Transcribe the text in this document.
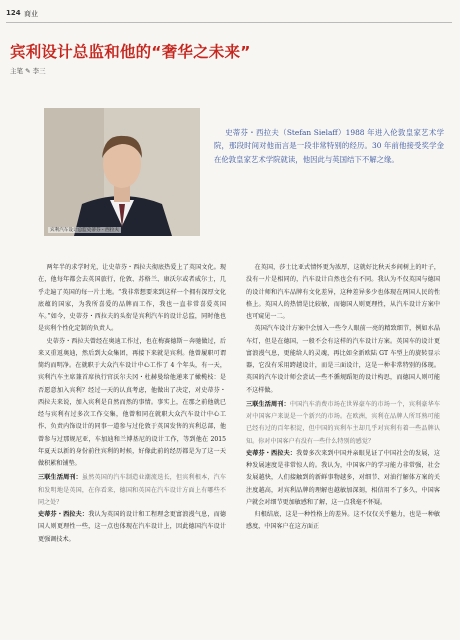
124 商业
宾利设计总监和他的“奢华之未来”
主笔 ✎ 李三
宾利汽车设计总监史蒂芬・西拉夫
史蒂芬・西拉夫（Stefan Sielaff）1988 年进入伦敦皇家艺术学院，那段时间对他而言是一段非常特别的经历。30 年前他接受奖学金在伦敦皇家艺术学院就读，他因此与英国结下不解之缘。

两年半的求学时光，让史蒂芬・西拉夫彻底热爱上了英国文化。现在，他每年都会去英国旅行，伦敦、苏格兰、康沃尔或者威尔士，几乎走遍了英国的每一片土地。“我非常想要来到这样一个拥有深厚文化底蕴的国家，为我所喜爱的品牌而工作，我也一直非常喜爱英国车。”如今，史蒂芬・西拉夫的头衔是宾利汽车的设计总监，同时他也是宾利个性化定制的负责人。

史蒂芬・西拉夫曾经在奥迪工作过，也在梅赛德斯－奔驰做过，后来又重返奥迪，然后到大众集团，再接下来就是宾利。他曾履职可谓简约而明净。在就职于大众汽车设计中心工作了 4 个年头，有一天，宾利汽车主席兼首席执行官沃尔夫冈・杜赫曼给他递来了橄榄枝：是否愿意加入宾利？经过一天的认真考虑，他做出了决定，对史蒂芬・西拉夫来说，加入宾利是自然而然的事情。事实上，在那之前他就已经与宾利有过多次工作交集，他曾和同在就职大众汽车设计中心工作、负责内饰设计的同事一道参与过伦敦于英国发售的宾利总部，他曾参与过那规尼亚，车加迪和兰博基尼的设计工作，等到他在 2015 年夏天以新的身份前往宾利的时候，好像此前的经历都是为了这一天做积累和铺垫。

三联生活周刊：虽然英国的汽车制造业潮流迭长，但宾利根本，汽车和发明地是英国，在你看来，德国和英国在汽车设计方面上有哪些不同之处？

史蒂芬・西拉夫：我认为英国的设计和工程理念更富浪漫气息，而德国人则更理性一些，这一点也体现在汽车设计上，因此德国汽车设计更强调技术。

在英国，莎士比亚式情怀更为浓厚，这就好比秋天乡间树上的叶子，没有一片是相同的，汽车设计自然也会有不同。我认为不仅英国与德国的设计师和汽车品牌有文化差异，这种差异多少也体现在两国人民的性格上。英国人的热情是比较敏，而德国人则更理性，从汽车设计方案中也可窥见一二。

英国汽车设计方案中会加入一些令人眼前一亮的精致细节，例如水晶车灯，但是在德国，一般不会有这样的汽车设计方案。英国车的设计更富浪漫气息，更能给人的灵魂，再比如全新欧陆 GT 车型上的旋转显示器，它没有采用跨越设计，而是三面设计，这是一种非常特别的体现。英国的汽车设计师会尝试一些不循规蹈矩的设计构思，而德国人则可能不这样做。

三联生活周刊：中国汽车消费市场在世界豪车的市场一个，宾利豪华车对中国客户来说是一个新兴的市场。在欧洲，宾利在品牌人所耳熟可能已经有过的百年积淀，但中国的宾利车主却几乎对宾利有着一些品牌认知。你对中国客户有没有一些什么特别的感觉？

史蒂芬・西拉夫：我曾多次来到中国并亲眼见证了中国社会的发展，这种发展速度是非常惊人的。我认为，中国客户的学习能力非常强，社会发展越快，人们接触到的新鲜事物越多，对细节、对油行解体方案的关注度越高，对宾利品牌的理解也越敏加深刻，相信用不了多久，中国客户就会对细节更加敏感和了解，这一点我毫不怀疑。

归根结底，这是一种性格上的差异。这不仅仅关乎魅力，也是一种敏感度，中国客户在这方面正
